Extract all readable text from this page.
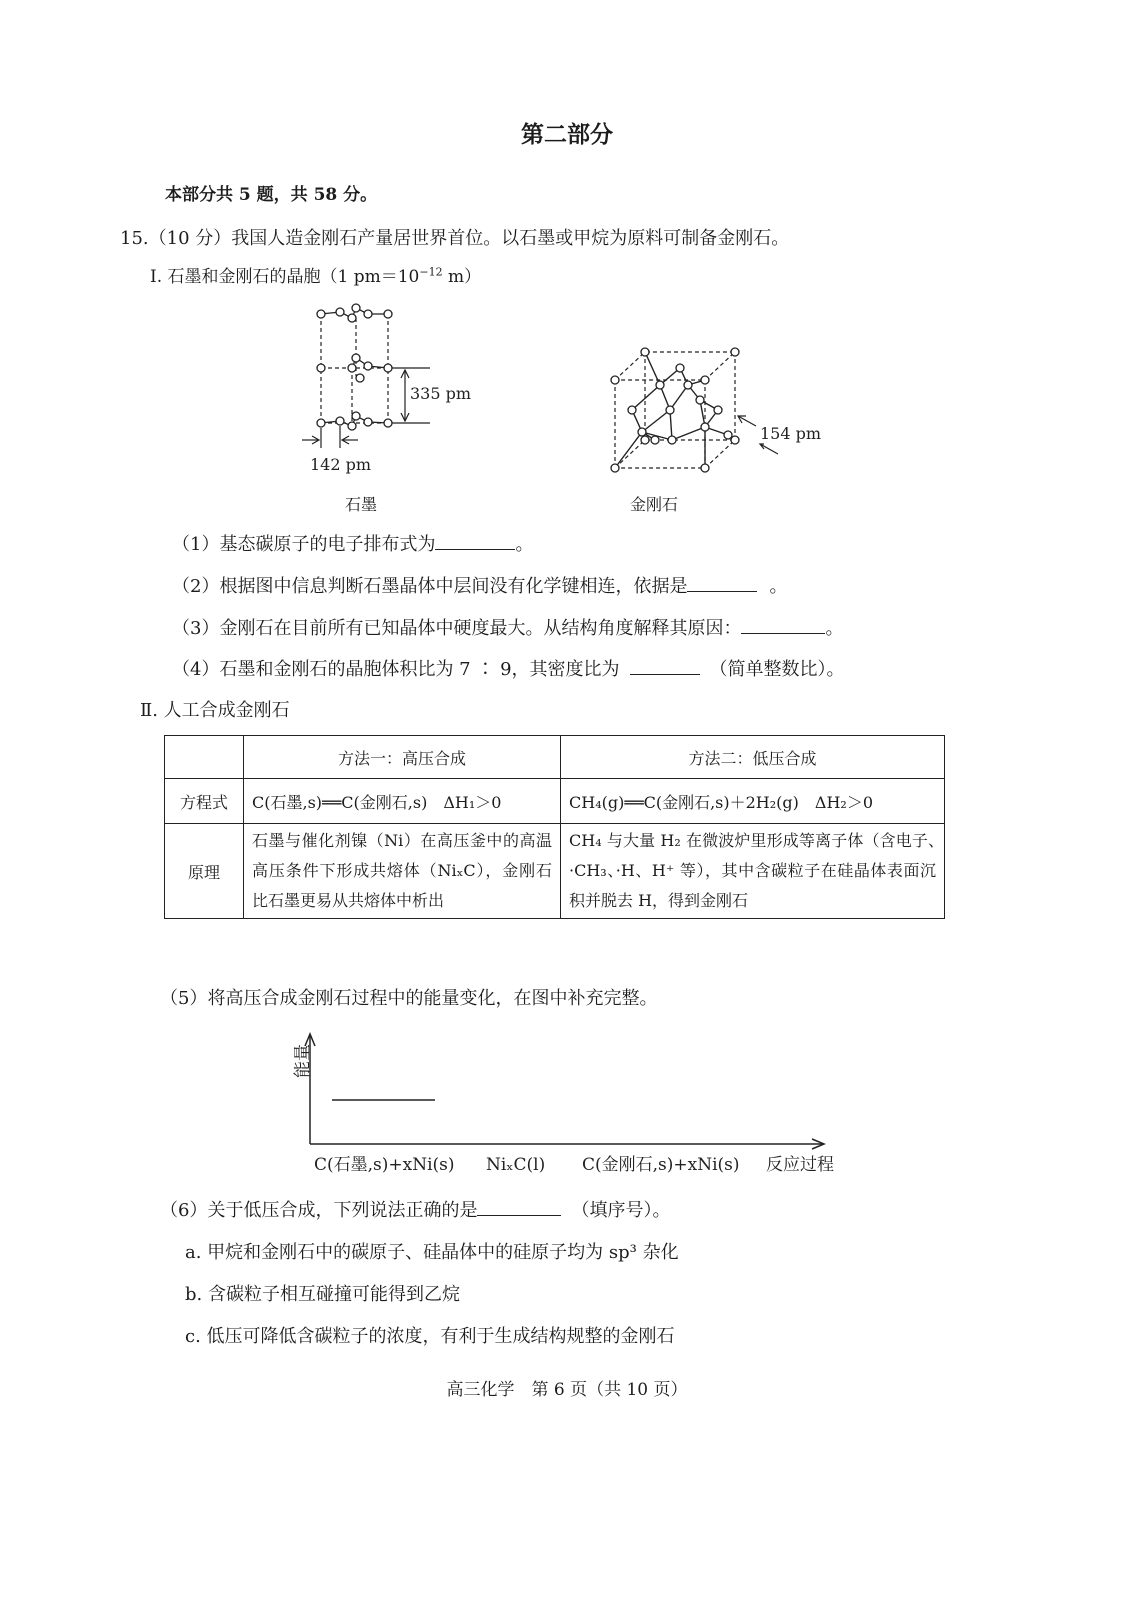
第二部分
本部分共 5 题，共 58 分。
15.（10 分）我国人造金刚石产量居世界首位。以石墨或甲烷为原料可制备金刚石。
Ⅰ. 石墨和金刚石的晶胞（1 $pm=10^{-12}$ m）
335 pm
142 pm
石墨
154 pm
金刚石
（1）基态碳原子的电子排布式为	。
（2）根据图中信息判断石墨晶体中层间没有化学键相连，依据是	。
（3）金刚石在目前所有已知晶体中硬度最大。从结构角度解释其原因：	。
（4）石墨和金刚石的晶胞体积比为 7 ∶ 9，其密度比为	（简单整数比）。
Ⅱ. 人工合成金刚石
	方法一：高压合成	方法二：低压合成
方程式	C(石墨,s)══C(金刚石,s)　ΔH₁＞0	CH₄(g)══C(金刚石,s)＋2H₂(g)　ΔH₂＞0
原理	石墨与催化剂镍（Ni）在高压釜中的高温高压条件下形成共熔体（NiₓC），金刚石比石墨更易从共熔体中析出	CH₄ 与大量 H₂ 在微波炉里形成等离子体（含电子、·CH₃、·H、H⁺ 等），其中含碳粒子在硅晶体表面沉积并脱去 H，得到金刚石
（5）将高压合成金刚石过程中的能量变化，在图中补充完整。
能量
C(石墨,s)+xNi(s) NiₓC(l) C(金刚石,s)+xNi(s) 反应过程
（6）关于低压合成，下列说法正确的是	（填序号）。
a. 甲烷和金刚石中的碳原子、硅晶体中的硅原子均为 sp³ 杂化
b. 含碳粒子相互碰撞可能得到乙烷
c. 低压可降低含碳粒子的浓度，有利于生成结构规整的金刚石
高三化学　第 6 页（共 10 页）
